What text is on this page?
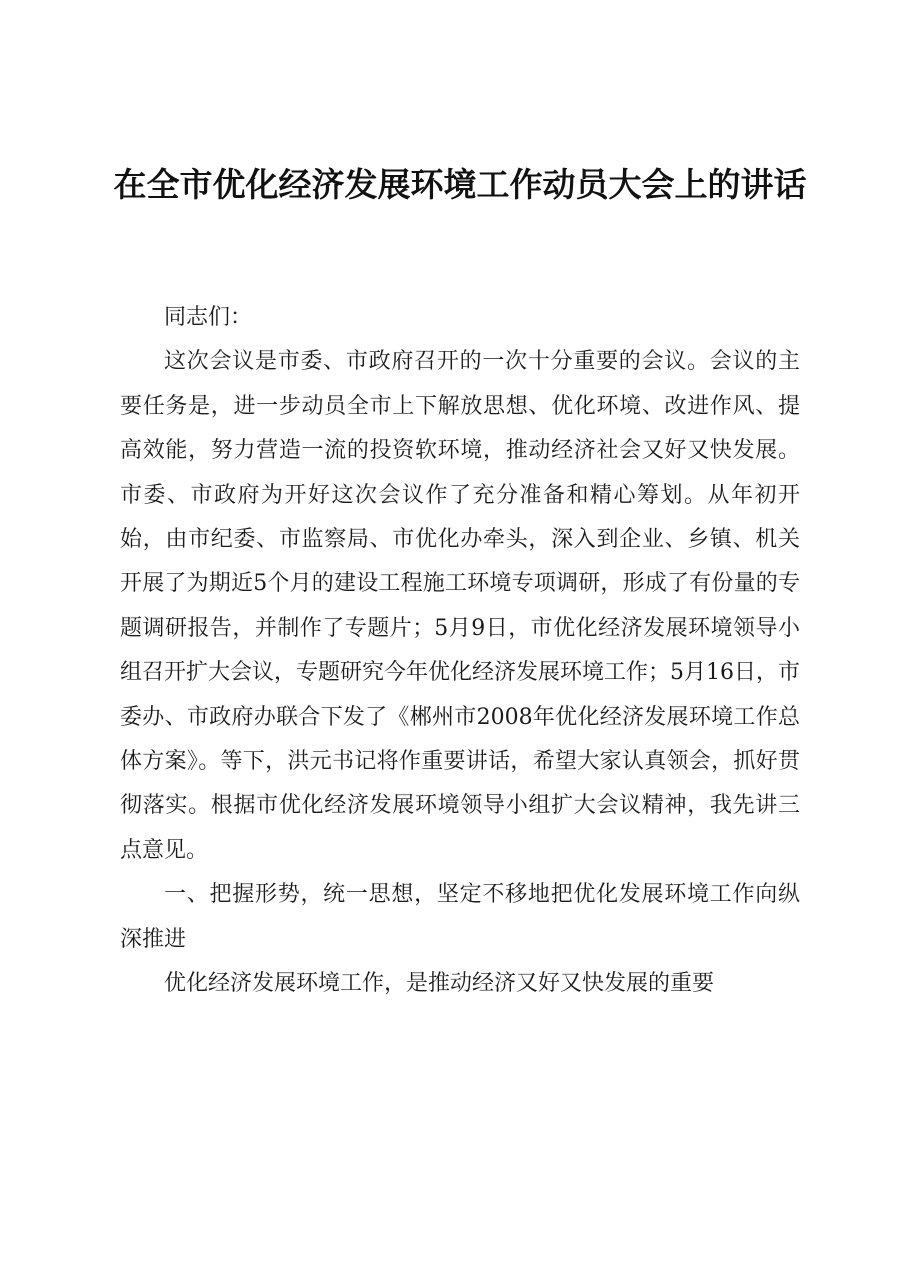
在全市优化经济发展环境工作动员大会上的讲话

同志们：

这次会议是市委、市政府召开的一次十分重要的会议。会议的主要任务是，进一步动员全市上下解放思想、优化环境、改进作风、提高效能，努力营造一流的投资软环境，推动经济社会又好又快发展。市委、市政府为开好这次会议作了充分准备和精心筹划。从年初开始，由市纪委、市监察局、市优化办牵头，深入到企业、乡镇、机关开展了为期近5个月的建设工程施工环境专项调研，形成了有份量的专题调研报告，并制作了专题片；5月9日，市优化经济发展环境领导小组召开扩大会议，专题研究今年优化经济发展环境工作；5月16日，市委办、市政府办联合下发了《郴州市2008年优化经济发展环境工作总体方案》。等下，洪元书记将作重要讲话，希望大家认真领会，抓好贯彻落实。根据市优化经济发展环境领导小组扩大会议精神，我先讲三点意见。

一、把握形势，统一思想，坚定不移地把优化发展环境工作向纵深推进

优化经济发展环境工作，是推动经济又好又快发展的重要
